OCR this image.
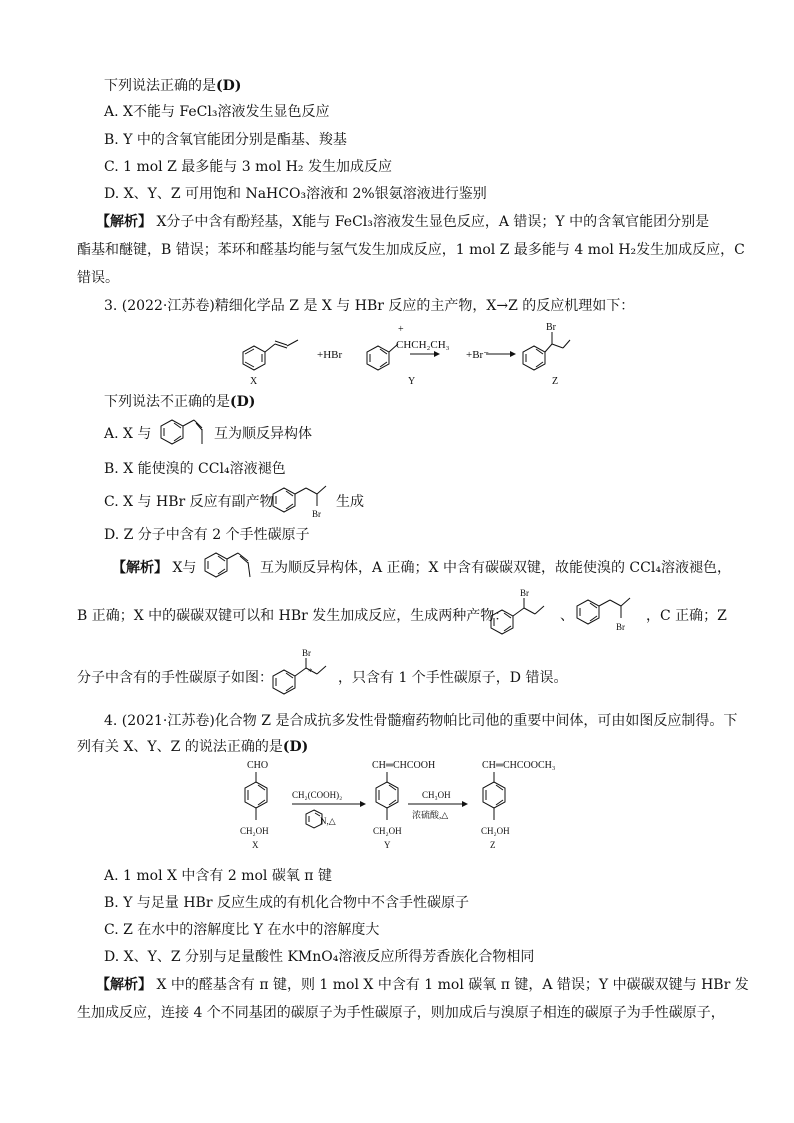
下列说法正确的是(D)
A. X不能与 FeCl₃溶液发生显色反应
B. Y 中的含氧官能团分别是酯基、羧基
C. 1 mol Z 最多能与 3 mol H₂ 发生加成反应
D. X、Y、Z 可用饱和 NaHCO₃溶液和 2%银氨溶液进行鉴别
【解析】 X分子中含有酚羟基，X能与 FeCl₃溶液发生显色反应，A 错误；Y 中的含氧官能团分别是
酯基和醚键，B 错误；苯环和醛基均能与氢气发生加成反应，1 mol Z 最多能与 4 mol H₂发生加成反应，C
错误。
3. (2022·江苏卷)精细化学品 Z 是 X 与 HBr 反应的主产物，X→Z 的反应机理如下：
+HBr
+
CHCH₂CH₃
+Br⁻
Br
X	Y	Z
下列说法不正确的是(D)
A. X 与	互为顺反异构体
B. X 能使溴的 CCl₄溶液褪色
C. X 与 HBr 反应有副产物
Br
生成
D. Z 分子中含有 2 个手性碳原子
【解析】 X与	互为顺反异构体，A 正确；X 中含有碳碳双键，故能使溴的 CCl₄溶液褪色，
B 正确；X 中的碳碳双键可以和 HBr 发生加成反应，生成两种产物：
Br
、
Br
，C 正确；Z
分子中含有的手性碳原子如图：
Br
* ，只含有 1 个手性碳原子，D 错误。
4. (2021·江苏卷)化合物 Z 是合成抗多发性骨髓瘤药物帕比司他的重要中间体，可由如图反应制得。下
列有关 X、Y、Z 的说法正确的是(D)
CHO
CH₂(COOH)₂
N,△
CH═CHCOOH
CH₃OH
浓硫酸,△
CH═CHCOOCH₃
CH₂OH	CH₂OH	CH₂OH
X	Y	Z
A. 1 mol X 中含有 2 mol 碳氧 π 键
B. Y 与足量 HBr 反应生成的有机化合物中不含手性碳原子
C. Z 在水中的溶解度比 Y 在水中的溶解度大
D. X、Y、Z 分别与足量酸性 KMnO₄溶液反应所得芳香族化合物相同
【解析】 X 中的醛基含有 π 键，则 1 mol X 中含有 1 mol 碳氧 π 键，A 错误；Y 中碳碳双键与 HBr 发
生加成反应，连接 4 个不同基团的碳原子为手性碳原子，则加成后与溴原子相连的碳原子为手性碳原子，
